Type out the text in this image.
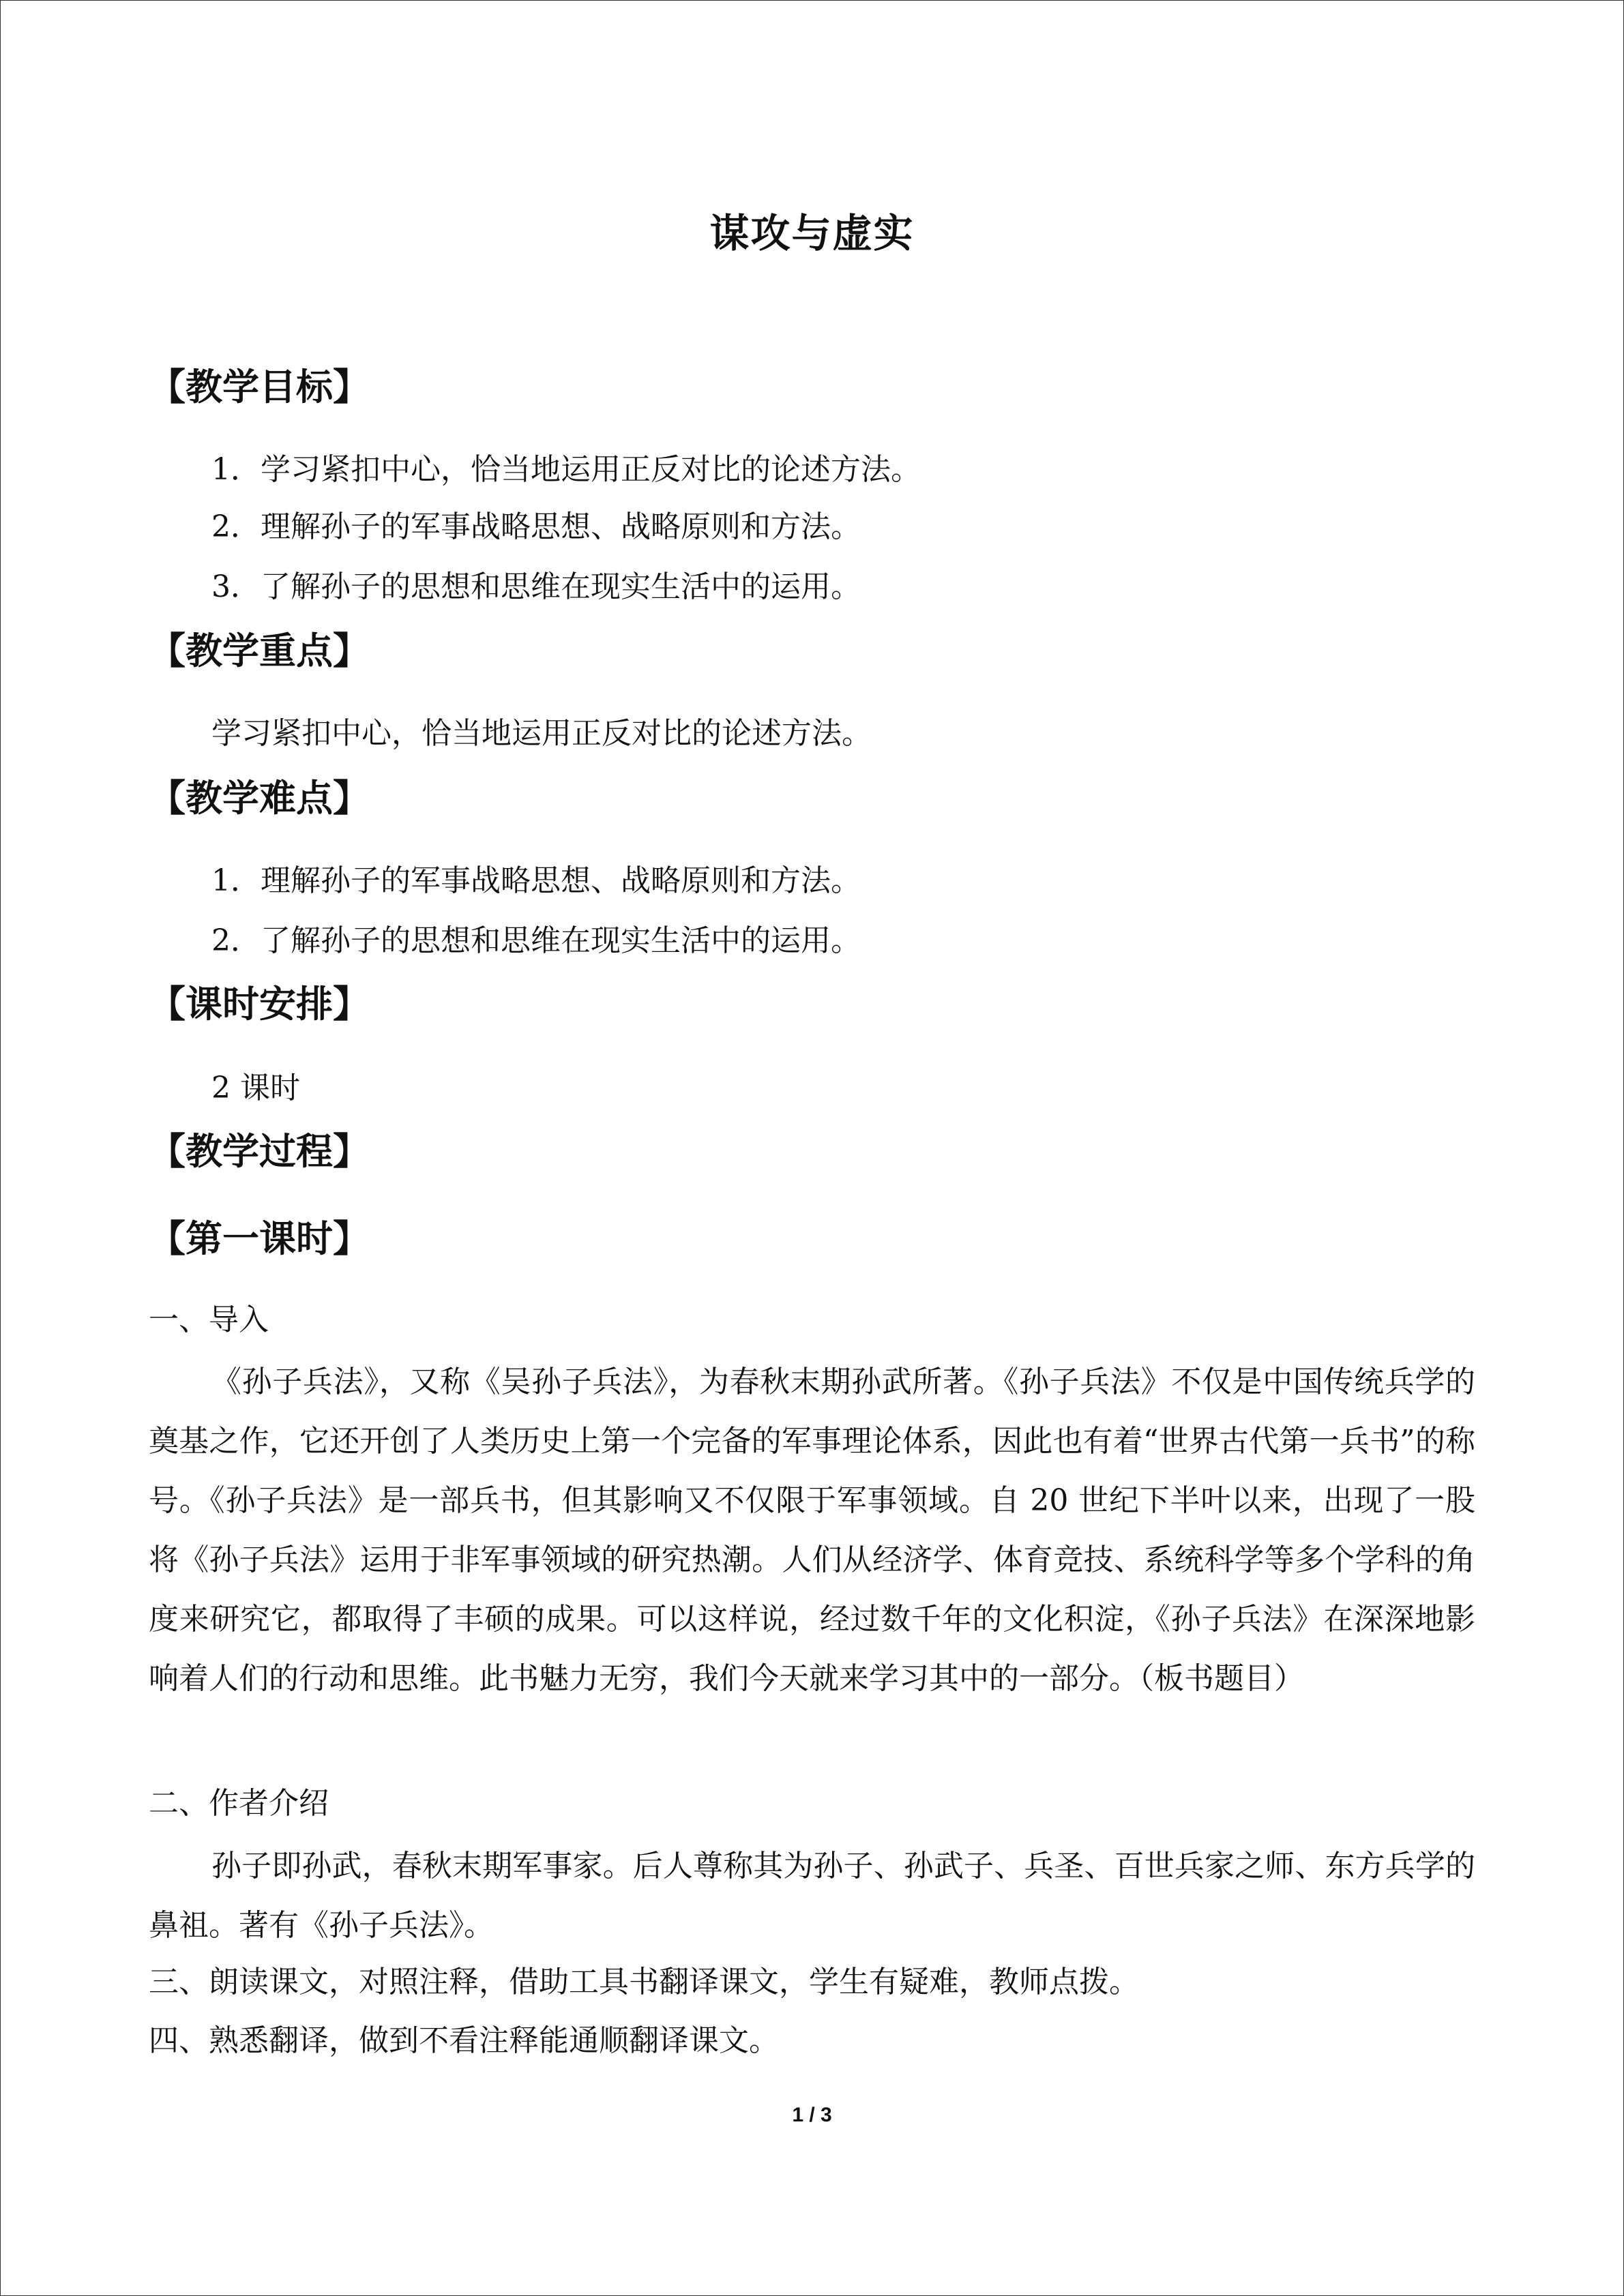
谋攻与虚实
【教学目标】
1．学习紧扣中心，恰当地运用正反对比的论述方法。
2．理解孙子的军事战略思想、战略原则和方法。
3．了解孙子的思想和思维在现实生活中的运用。
【教学重点】
学习紧扣中心，恰当地运用正反对比的论述方法。
【教学难点】
1．理解孙子的军事战略思想、战略原则和方法。
2．了解孙子的思想和思维在现实生活中的运用。
【课时安排】
2 课时
【教学过程】
【第一课时】
一、导入

《孙子兵法》，又称《吴孙子兵法》，为春秋末期孙武所著。《孙子兵法》不仅是中国传统兵学的奠基之作，它还开创了人类历史上第一个完备的军事理论体系，因此也有着“世界古代第一兵书”的称号。《孙子兵法》是一部兵书，但其影响又不仅限于军事领域。自 20 世纪下半叶以来，出现了一股将《孙子兵法》运用于非军事领域的研究热潮。人们从经济学、体育竞技、系统科学等多个学科的角度来研究它，都取得了丰硕的成果。可以这样说，经过数千年的文化积淀，《孙子兵法》在深深地影响着人们的行动和思维。此书魅力无穷，我们今天就来学习其中的一部分。（板书题目）

二、作者介绍

孙子即孙武，春秋末期军事家。后人尊称其为孙子、孙武子、兵圣、百世兵家之师、东方兵学的鼻祖。著有《孙子兵法》。

三、朗读课文，对照注释，借助工具书翻译课文，学生有疑难，教师点拨。
四、熟悉翻译，做到不看注释能通顺翻译课文。
1 / 3
